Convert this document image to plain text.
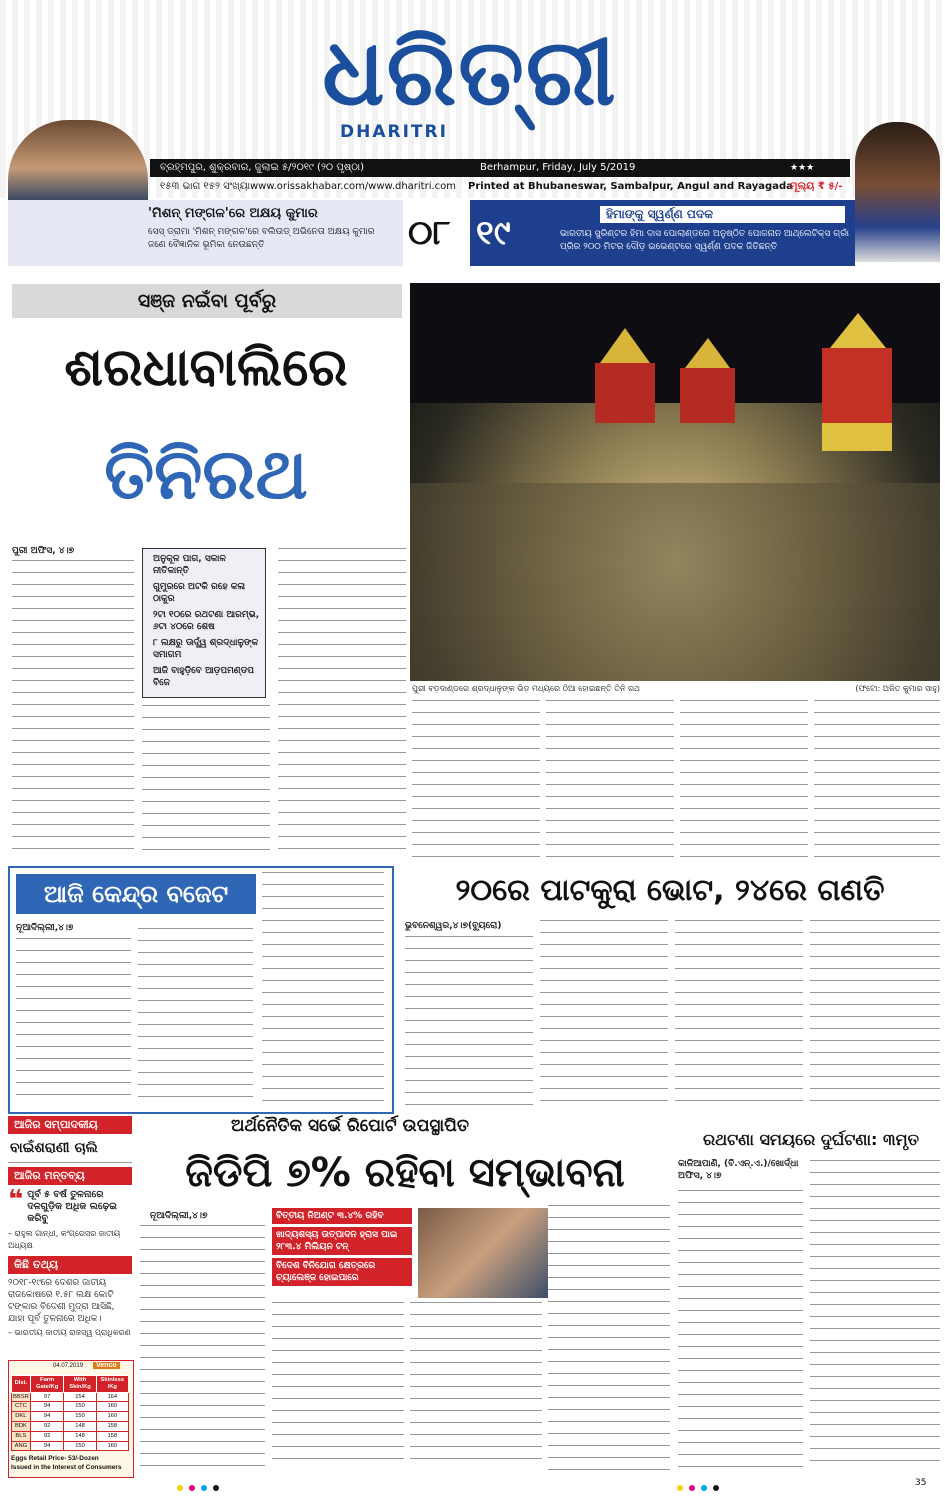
ଧରିତ୍ରୀ
DHARITRI
ବ୍ରହ୍ମପୁର, ଶୁକ୍ରବାର, ଜୁଲାଇ ୫/୨୦୧୯ (୨୦ ପୃଷ୍ଠା)	Berhampur, Friday, July 5/2019	★★★
୧୫୩ ଭାଗ ୧୫୨ ସଂଖ୍ୟା www.orissakhabar.com/www.dharitri.com Printed at Bhubaneswar, Sambalpur, Angul and Rayagada
ମୂଲ୍ୟ ₹ ୫/-
'ମିଶନ୍ ମଙ୍ଗଳ'ରେ ଅକ୍ଷୟ କୁମାର
ସେସ୍ ଡ୍ରାମା 'ମିଶନ୍ ମଙ୍ଗଳ'ରେ ବଲିଉଡ୍ ଅଭିନେତା ଅକ୍ଷୟ କୁମାର ଜଣେ ବୈଜ୍ଞାନିକ ଭୂମିକା ନେଉଛନ୍ତି	୦୮ ୧୯	ହିମାଙ୍କୁ ସ୍ୱର୍ଣ୍ଣ ପଦକ
ଭାରତୀୟ ସ୍ପ୍ରିଣ୍ଟର ହିମା ଦାସ ପୋଲାଣ୍ଡରେ ଅନୁଷ୍ଠିତ ପୋଜନାନ ଆଥ୍‌ଲେଟିକ୍ସ ଗ୍ରାଁ ପ୍ରିର ୨୦୦ ମିଟର ଦୌଡ଼ ଇଭେଣ୍ଟରେ ସ୍ୱର୍ଣ୍ଣ ପଦକ ଜିତିଛନ୍ତି
ସଞ୍ଜ ନଇଁବା ପୂର୍ବରୁ
ଶରଧାବାଲିରେ
ତିନିରଥ
ପୁରୀ ବଡ଼ଦାଣ୍ଡରେ ଶ୍ରଦ୍ଧାଳୁଙ୍କ ଭିଡ଼ ମଧ୍ୟରେ ଠିଆ ହୋଇଛନ୍ତି ତିନି ରଥ	(ଫଟୋ: ଅଜିତ କୁମାର ସାହୁ)
ପୁରୀ ଅଫିସ, ୪।୭
ଅନୁକୂଳ ପାଗ, ସକାଳ ନୀତିକାନ୍ତି
ଗୁମୁରରେ ଅଟକି ରହେ କଳା ଠାକୁର
୨ଟା ୧୦ରେ ରଥଟଣା ଆରମ୍ଭ, ୬ଟା ୪୦ରେ ଶେଷ
୮ ଲକ୍ଷରୁ ଊର୍ଦ୍ଧ୍ୱ ଶ୍ରଦ୍ଧାଳୁଙ୍କ ସମାଗମ
ଆଜି ବାହୁଡ଼ିବେ ଆଡ଼ପମଣ୍ଡପ ବିଜେ
ଆଜି କେନ୍ଦ୍ର ବଜେଟ
ନୂଆଦିଲ୍ଲୀ,୪।୭
୨୦ରେ ପାଟକୁରା ଭୋଟ, ୨୪ରେ ଗଣତି
ଭୁବନେଶ୍ୱର,୪।୭(ବ୍ୟୁରୋ)
ଆଜିର ସମ୍ପାଦକୀୟ
ବାଇଁଶରାଣୀ ଚାଲି
ଆଜିର ମନ୍ତବ୍ୟ
❝ ପୂର୍ବ ୫ ବର୍ଷ ତୁଳନାରେ ଦଳଗୁଡ଼ିକ ଅଧିକ ଲଢ଼େଇ କରିବୁ
– ରାହୁଲ ଗାନ୍ଧୀ, କଂଗ୍ରେସର ଜାତୀୟ ଅଧ୍ୟକ୍ଷ
କିଛି ତଥ୍ୟ
୨୦୧୮-୧୯ରେ ଦେଶର ଜାତୀୟ ରାଜକୋଷରେ ୧.୫୮ ଲକ୍ଷ କୋଟି ଟଙ୍କାର ବିଦେଶୀ ମୁଦ୍ରା ଆସିଛି, ଯାହା ପୂର୍ବ ତୁଳନାରେ ଅଧିକ।
– ଭାରତୀୟ ଜାତୀୟ ରାଜସ୍ୱ ପ୍ରାଧିକରଣ
04.07.2019	Venco
DIst.	Farm Gate/Kg	With Skin/Kg	Skinless /Kg
BBSR	97	154	164
CTC	94	150	160
DKL	94	150	160
BDK	92	148	158
BLS	92	148	158
ANG	94	150	160
Eggs Retail Price- 53/-Dozen
Issued in the Interest of Consumers
ଅର୍ଥନୈତିକ ସର୍ଭେ ରିପୋର୍ଟ ଉପସ୍ଥାପିତ
ଜିଡିପି ୭% ରହିବା ସମ୍ଭାବନା
ନୂଆଦିଲ୍ଲୀ,୪।୭	ବିତ୍ତୀୟ ନିଅଣ୍ଟ ୩.୪% ରହିବ
ଖାଦ୍ୟଶସ୍ୟ ଉତ୍ପାଦନ ହ୍ରାସ ପାଇ ୨୮୩.୪ ମିଲିୟନ ଟନ୍
ବିଦେଶ ବିନିଯୋଗ କ୍ଷେତ୍ରରେ ଚ୍ୟାଲେଞ୍ଜ ହୋଇପାରେ
ରଥଟଣା ସମୟରେ ଦୁର୍ଘଟଣା: ୩ମୃତ
କାଳିଆପାଣି, (ବି.ଏନ୍.ଏ.)/ଖୋର୍ଦ୍ଧା ଅଫିସ, ୪।୭
35
